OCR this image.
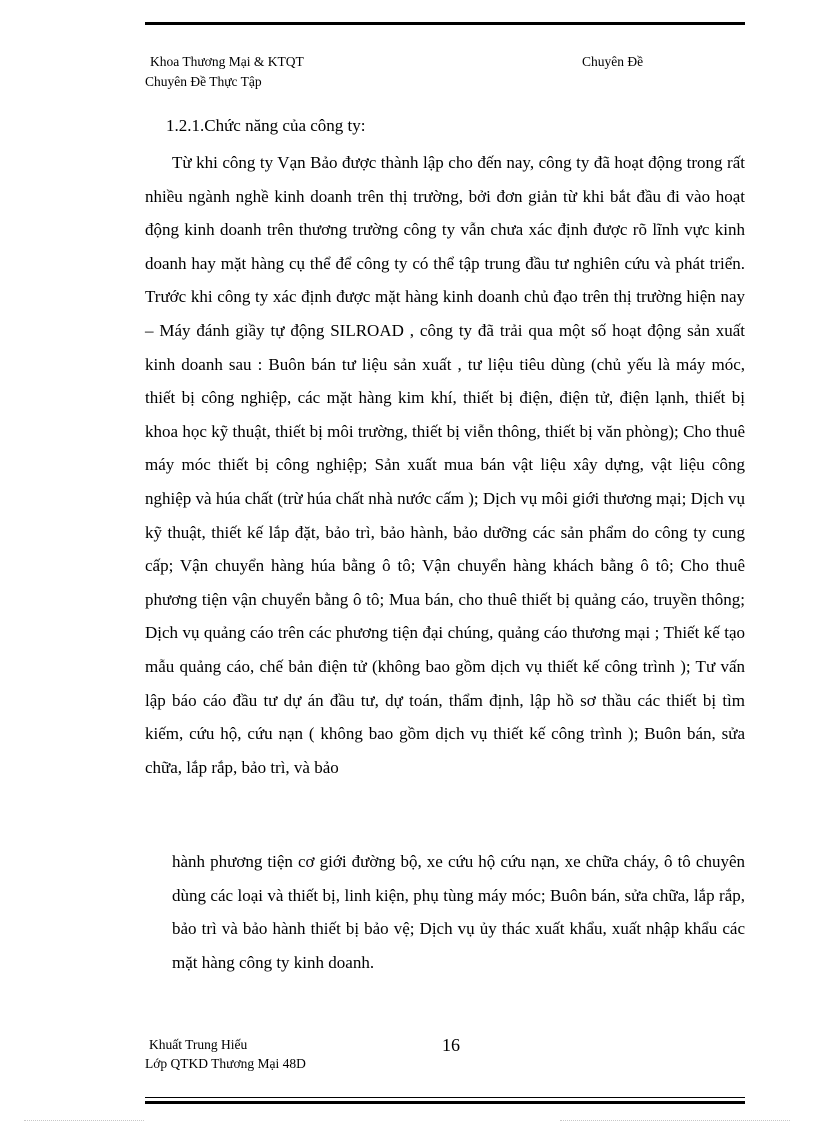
Khoa Thương Mại & KTQT
Chuyên Đề Thực Tập
Chuyên Đề
1.2.1.Chức năng của công ty:

Từ khi công ty Vạn Bảo được thành lập cho đến nay, công ty đã hoạt động trong rất nhiều ngành nghề kinh doanh trên thị trường, bởi đơn giản từ khi bắt đầu đi vào hoạt động kinh doanh trên thương trường công ty vẫn chưa xác định được rõ lĩnh vực kinh doanh hay mặt hàng cụ thể để công ty có thể tập trung đầu tư nghiên cứu và phát triển. Trước khi công ty xác định được mặt hàng kinh doanh chủ đạo trên thị trường hiện nay – Máy đánh giầy tự động SILROAD , công ty đã trải qua một số hoạt động sản xuất kinh doanh sau : Buôn bán tư liệu sản xuất , tư liệu tiêu dùng (chủ yếu là máy móc, thiết bị công nghiệp, các mặt hàng kim khí, thiết bị điện, điện tử, điện lạnh, thiết bị khoa học kỹ thuật, thiết bị môi trường, thiết bị viễn thông, thiết bị văn phòng); Cho thuê máy móc thiết bị công nghiệp; Sản xuất mua bán vật liệu xây dựng, vật liệu công nghiệp và húa chất (trừ húa chất nhà nước cấm ); Dịch vụ môi giới thương mại; Dịch vụ kỹ thuật, thiết kế lắp đặt, bảo trì, bảo hành, bảo dưỡng các sản phẩm do công ty cung cấp; Vận chuyển hàng húa bằng ô tô; Vận chuyển hàng khách bằng ô tô; Cho thuê phương tiện vận chuyển bằng ô tô; Mua bán, cho thuê thiết bị quảng cáo, truyền thông; Dịch vụ quảng cáo trên các phương tiện đại chúng, quảng cáo thương mại ; Thiết kế tạo mẫu quảng cáo, chế bản điện tử (không bao gồm dịch vụ thiết kế công trình ); Tư vấn lập báo cáo đầu tư dự án đầu tư, dự toán, thẩm định, lập hồ sơ thầu các thiết bị tìm kiếm, cứu hộ, cứu nạn ( không bao gồm dịch vụ thiết kế công trình ); Buôn bán, sửa chữa, lắp rắp, bảo trì, và bảo

hành phương tiện cơ giới đường bộ, xe cứu hộ cứu nạn, xe chữa cháy, ô tô chuyên dùng các loại và thiết bị, linh kiện, phụ tùng máy móc; Buôn bán, sửa chữa, lắp rắp, bảo trì và bảo hành thiết bị bảo vệ; Dịch vụ ủy thác xuất khẩu, xuất nhập khẩu các mặt hàng công ty kinh doanh.

Khuất Trung Hiếu
Lớp QTKD Thương Mại 48D
16
